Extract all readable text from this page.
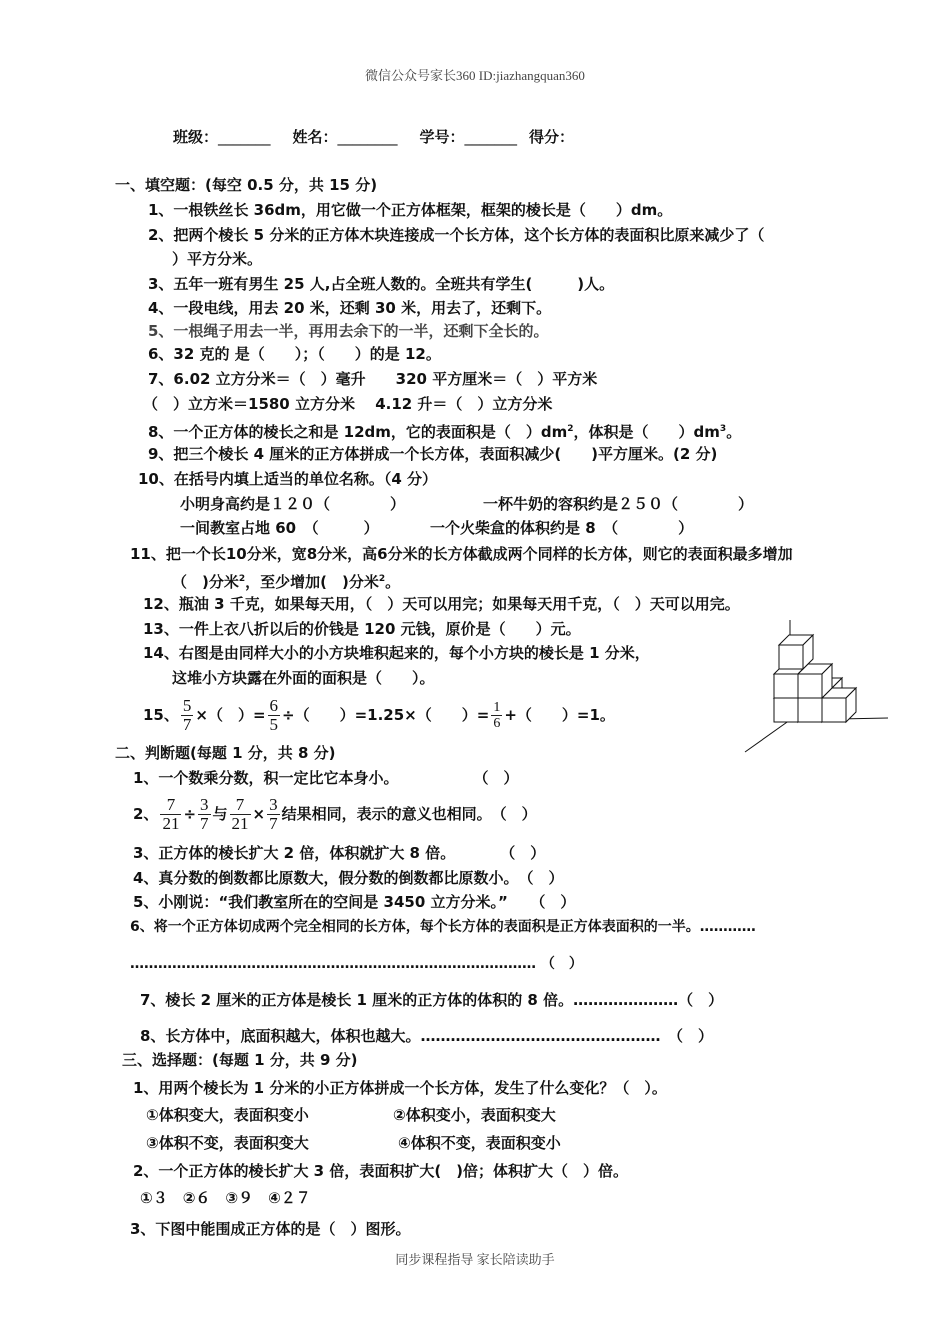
微信公众号家长360 ID:jiazhangquan360
同步课程指导 家长陪读助手
班级：_______ 姓名：________ 学号：_______ 得分：
一、填空题：(每空 0.5 分，共 15 分)
1、一根铁丝长 36dm，用它做一个正方体框架，框架的棱长是（　　）dm。
2、把两个棱长 5 分米的正方体木块连接成一个长方体，这个长方体的表面积比原来减少了（
）平方分米。
3、五年一班有男生 25 人,占全班人数的。全班共有学生(　　　)人。
4、一段电线，用去 20 米，还剩 30 米，用去了，还剩下。
5、一根绳子用去一半，再用去余下的一半，还剩下全长的。
6、32 克的 是（　　）；（　　）的是 12。
7、6.02 立方分米＝（　）毫升　　320 平方厘米＝（　）平方米
（　）立方米＝1580 立方分米　 4.12 升＝（　）立方分米
8、一个正方体的棱长之和是 12dm，它的表面积是（　）$dm^2$，体积是（　　）$dm^3$。
9、把三个棱长 4 厘米的正方体拼成一个长方体，表面积减少(　　)平方厘米。(2 分)
10、在括号内填上适当的单位名称。（4 分）
小明身高约是１２０（　　　　）	一杯牛奶的容积约是２５０（　　　　）
一间教室占地 60　（　　　）	一个火柴盒的体积约是 8　（　　　　）
11、把一个长10分米，宽8分米，高6分米的长方体截成两个同样的长方体，则它的表面积最多增加
（　)分米$^2$，至少增加(　)分米$^2$。
12、瓶油 3 千克，如果每天用，（　）天可以用完；如果每天用千克，（　）天可以用完。
13、一件上衣八折以后的价钱是 120 元钱，原价是（　　）元。
14、右图是由同样大小的小方块堆积起来的，每个小方块的棱长是 1 分米，
这堆小方块露在外面的面积是（　　）。
15、 $\frac{5}{7}$ ×（　）= $\frac{6}{5}$ ÷（　　）=1.25×（　　）= $\frac{1}{6}$ +（　　）=1。
二、判断题(每题 1 分，共 8 分)
1、一个数乘分数，积一定比它本身小。　　　　　　（　）
2、 $\frac{7}{21} \div \frac{3}{7}$ 与 $\frac{7}{21} \times \frac{3}{7}$ 结果相同，表示的意义也相同。　（　）
3、正方体的棱长扩大 2 倍，体积就扩大 8 倍。　　　　（　）
4、真分数的倒数都比原数大，假分数的倒数都比原数小。　（　）
5、小刚说：“我们教室所在的空间是 3450 立方分米。”　　（　）
6、将一个正方体切成两个完全相同的长方体，每个长方体的表面积是正方体表面积的一半。…………
…………………………………………………………………………… （　）
7、棱长 2 厘米的正方体是棱长 1 厘米的正方体的体积的 8 倍。…………………（　）
8、长方体中，底面积越大，体积也越大。…………………………………………　（　）
三、选择题：(每题 1 分，共 9 分)
1、用两个棱长为 1 分米的小正方体拼成一个长方体，发生了什么变化？（　）。
①体积变大，表面积变小	②体积变小，表面积变大
③体积不变，表面积变大	④体积不变，表面积变小
2、一个正方体的棱长扩大 3 倍，表面积扩大(　)倍；体积扩大（　）倍。
①３　②６　③９　④２７
3、下图中能围成正方体的是（　）图形。
